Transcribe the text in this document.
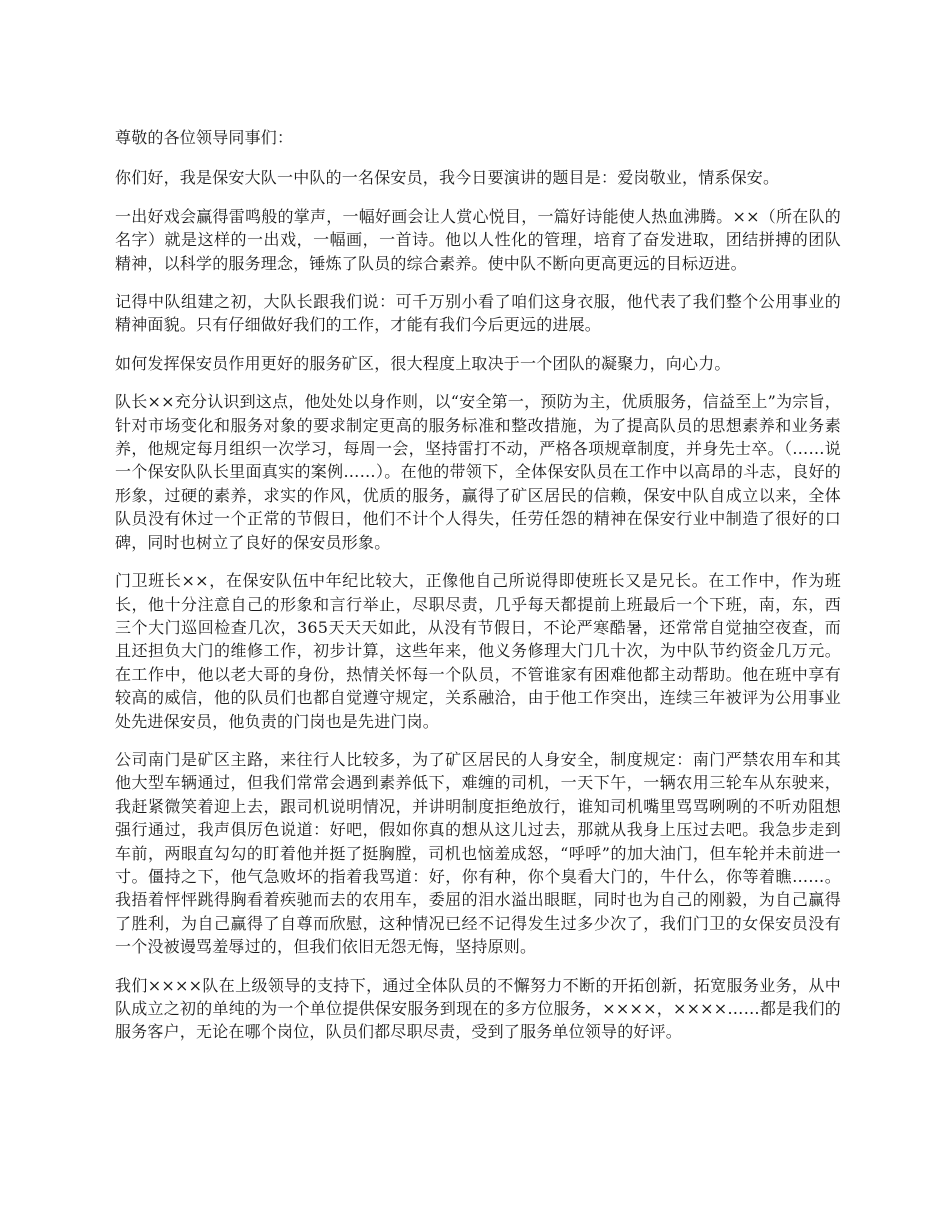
尊敬的各位领导同事们：

你们好，我是保安大队一中队的一名保安员，我今日要演讲的题目是：爱岗敬业，情系保安。

一出好戏会赢得雷鸣般的掌声，一幅好画会让人赏心悦目，一篇好诗能使人热血沸腾。××（所在队的名字）就是这样的一出戏，一幅画，一首诗。他以人性化的管理，培育了奋发进取，团结拼搏的团队精神，以科学的服务理念，锤炼了队员的综合素养。使中队不断向更高更远的目标迈进。

记得中队组建之初，大队长跟我们说：可千万别小看了咱们这身衣服，他代表了我们整个公用事业的精神面貌。只有仔细做好我们的工作，才能有我们今后更远的进展。

如何发挥保安员作用更好的服务矿区，很大程度上取决于一个团队的凝聚力，向心力。

队长××充分认识到这点，他处处以身作则，以“安全第一，预防为主，优质服务，信益至上”为宗旨，针对市场变化和服务对象的要求制定更高的服务标准和整改措施，为了提高队员的思想素养和业务素养，他规定每月组织一次学习，每周一会，坚持雷打不动，严格各项规章制度，并身先士卒。（……说一个保安队队长里面真实的案例……）。在他的带领下，全体保安队员在工作中以高昂的斗志，良好的形象，过硬的素养，求实的作风，优质的服务，赢得了矿区居民的信赖，保安中队自成立以来，全体队员没有休过一个正常的节假日，他们不计个人得失，任劳任怨的精神在保安行业中制造了很好的口碑，同时也树立了良好的保安员形象。

门卫班长××，在保安队伍中年纪比较大，正像他自己所说得即使班长又是兄长。在工作中，作为班长，他十分注意自己的形象和言行举止，尽职尽责，几乎每天都提前上班最后一个下班，南，东，西三个大门巡回检查几次，365天天天如此，从没有节假日，不论严寒酷暑，还常常自觉抽空夜查，而且还担负大门的维修工作，初步计算，这些年来，他义务修理大门几十次，为中队节约资金几万元。在工作中，他以老大哥的身份，热情关怀每一个队员，不管谁家有困难他都主动帮助。他在班中享有较高的威信，他的队员们也都自觉遵守规定，关系融洽，由于他工作突出，连续三年被评为公用事业处先进保安员，他负责的门岗也是先进门岗。

公司南门是矿区主路，来往行人比较多，为了矿区居民的人身安全，制度规定：南门严禁农用车和其他大型车辆通过，但我们常常会遇到素养低下，难缠的司机，一天下午，一辆农用三轮车从东驶来，我赶紧微笑着迎上去，跟司机说明情况，并讲明制度拒绝放行，谁知司机嘴里骂骂咧咧的不听劝阻想强行通过，我声俱厉色说道：好吧，假如你真的想从这儿过去，那就从我身上压过去吧。我急步走到车前，两眼直勾勾的盯着他并挺了挺胸膛，司机也恼羞成怒，“呼呼”的加大油门，但车轮并未前进一寸。僵持之下，他气急败坏的指着我骂道：好，你有种，你个臭看大门的，牛什么，你等着瞧……。我捂着怦怦跳得胸看着疾驰而去的农用车，委屈的泪水溢出眼眶，同时也为自己的刚毅，为自己赢得了胜利，为自己赢得了自尊而欣慰，这种情况已经不记得发生过多少次了，我们门卫的女保安员没有一个没被谩骂羞辱过的，但我们依旧无怨无悔，坚持原则。

我们××××队在上级领导的支持下，通过全体队员的不懈努力不断的开拓创新，拓宽服务业务，从中队成立之初的单纯的为一个单位提供保安服务到现在的多方位服务，××××，××××……都是我们的服务客户，无论在哪个岗位，队员们都尽职尽责，受到了服务单位领导的好评。
